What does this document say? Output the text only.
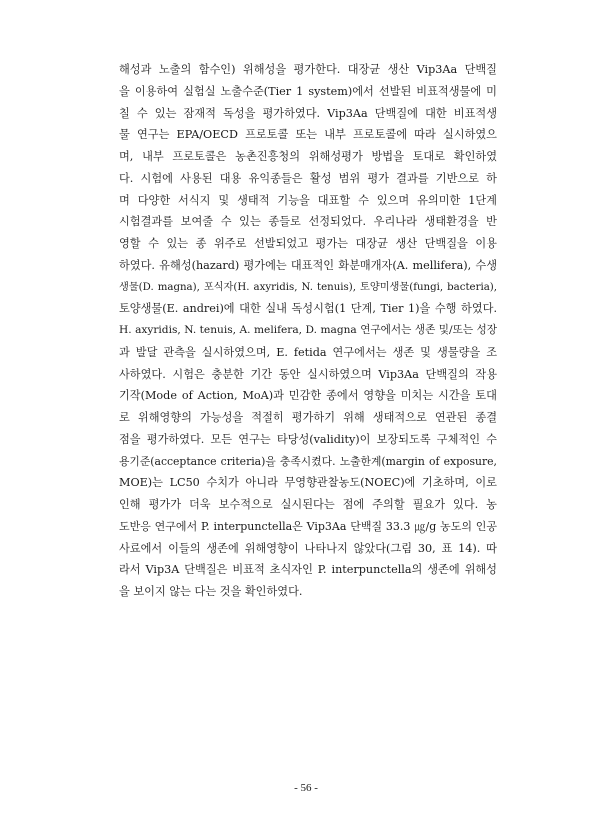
해성과 노출의 함수인) 위해성을 평가한다. 대장균 생산 Vip3Aa 단백질
을 이용하여 실험실 노출수준(Tier 1 system)에서 선발된 비표적생물에 미
칠 수 있는 잠재적 독성을 평가하였다. Vip3Aa 단백질에 대한 비표적생
물 연구는 EPA/OECD 프로토콜 또는 내부 프로토콜에 따라 실시하였으
며, 내부 프로토콜은 농촌진흥청의 위해성평가 방법을 토대로 확인하였
다. 시험에 사용된 대용 유익종들은 활성 범위 평가 결과를 기반으로 하
며 다양한 서식지 및 생태적 기능을 대표할 수 있으며 유의미한 1단계
시험결과를 보여줄 수 있는 종들로 선정되었다. 우리나라 생태환경을 반
영할 수 있는 종 위주로 선발되었고 평가는 대장균 생산 단백질을 이용
하였다. 유해성(hazard) 평가에는 대표적인 화분매개자(A. mellifera), 수생
생물(D. magna), 포식자(H. axyridis, N. tenuis), 토양미생물(fungi, bacteria),
토양생물(E. andrei)에 대한 실내 독성시험(1 단계, Tier 1)을 수행 하였다.
H. axyridis, N. tenuis, A. melifera, D. magna 연구에서는 생존 및/또는 성장
과 발달 관측을 실시하였으며, E. fetida 연구에서는 생존 및 생물량을 조
사하였다. 시험은 충분한 기간 동안 실시하였으며 Vip3Aa 단백질의 작용
기작(Mode of Action, MoA)과 민감한 종에서 영향을 미치는 시간을 토대
로 위해영향의 가능성을 적절히 평가하기 위해 생태적으로 연관된 종결
점을 평가하였다. 모든 연구는 타당성(validity)이 보장되도록 구체적인 수
용기준(acceptance criteria)을 충족시켰다. 노출한계(margin of exposure,
MOE)는 LC50 수치가 아니라 무영향관찰농도(NOEC)에 기초하며, 이로
인해 평가가 더욱 보수적으로 실시된다는 점에 주의할 필요가 있다. 농
도반응 연구에서 P. interpunctella은 Vip3Aa 단백질 33.3 ㎍/g 농도의 인공
사료에서 이들의 생존에 위해영향이 나타나지 않았다(그림 30, 표 14). 따
라서 Vip3A 단백질은 비표적 초식자인 P. interpunctella의 생존에 위해성
을 보이지 않는 다는 것을 확인하였다.
- 56 -
